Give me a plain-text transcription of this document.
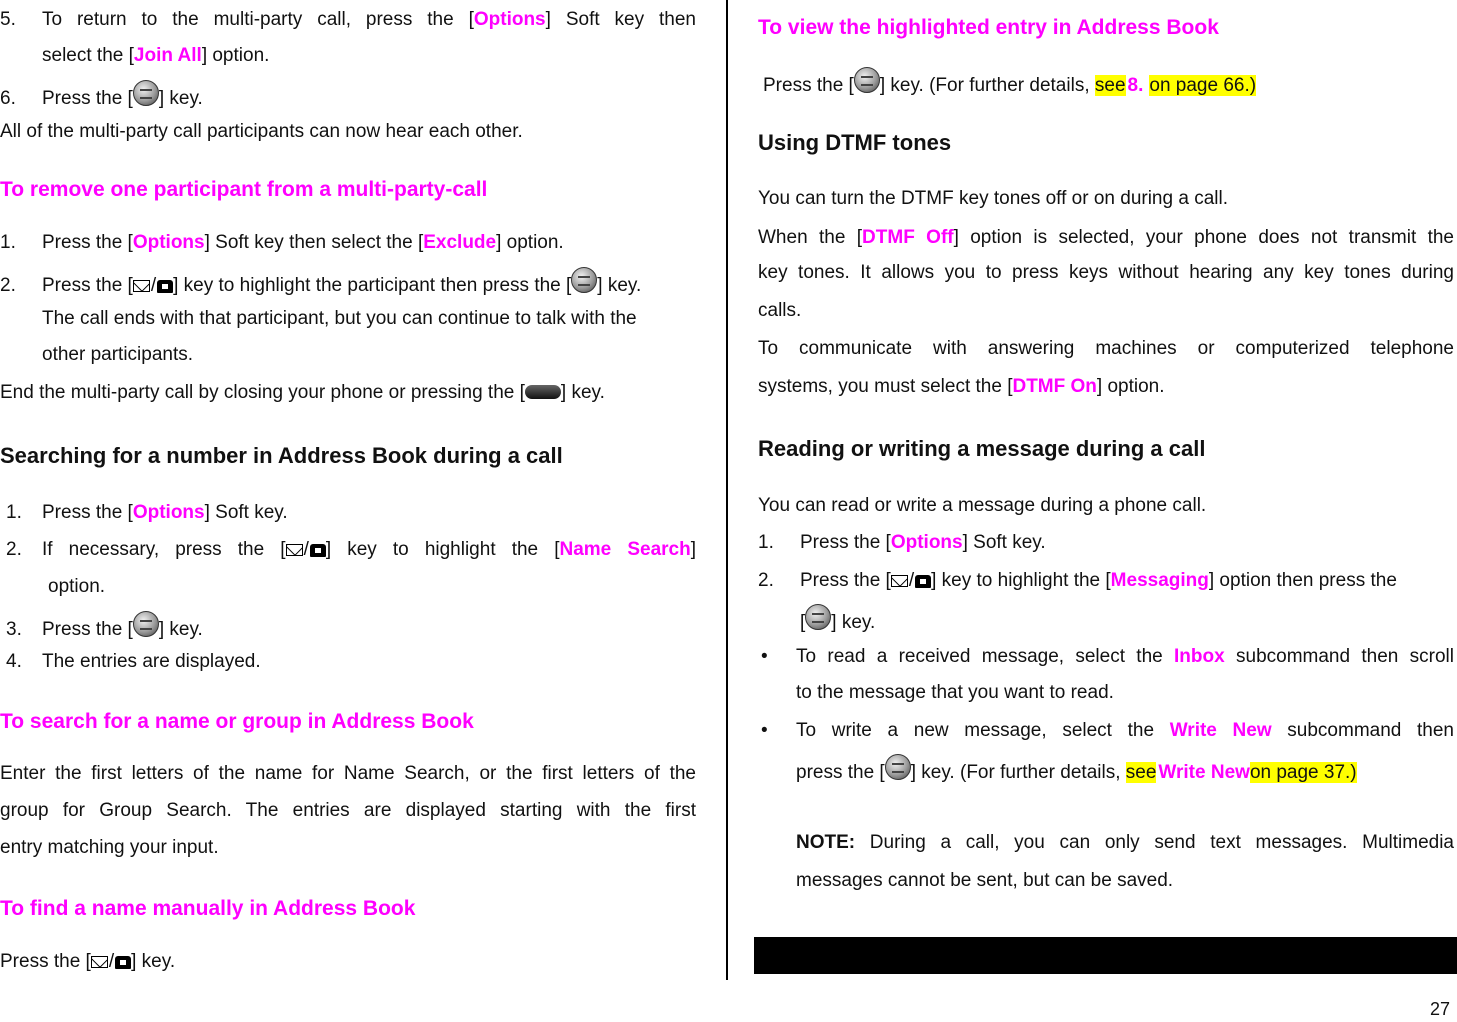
5. To return to the multi-party call, press the [Options] Soft key then
select the [Join All] option.
6. Press the [ ] key.
All of the multi-party call participants can now hear each other.
To remove one participant from a multi-party-call
1. Press the [Options] Soft key then select the [Exclude] option.
2. Press the [ / ] key to highlight the participant then press the [ ] key.
The call ends with that participant, but you can continue to talk with the
other participants.
End the multi-party call by closing your phone or pressing the [ ] key.
Searching for a number in Address Book during a call
1. Press the [Options] Soft key.
2. If necessary, press the [ / ] key to highlight the [Name Search]
option.
3. Press the [ ] key.
4. The entries are displayed.
To search for a name or group in Address Book
Enter the first letters of the name for Name Search, or the first letters of the
group for Group Search. The entries are displayed starting with the first
entry matching your input.
To find a name manually in Address Book
Press the [ / ] key.
To view the highlighted entry in Address Book
Press the [ ] key. (For further details, see 8. on page 66.)
Using DTMF tones
You can turn the DTMF key tones off or on during a call.
When the [DTMF Off] option is selected, your phone does not transmit the
key tones. It allows you to press keys without hearing any key tones during
calls.
To communicate with answering machines or computerized telephone
systems, you must select the [DTMF On] option.
Reading or writing a message during a call
You can read or write a message during a phone call.
1. Press the [Options] Soft key.
2. Press the [ / ] key to highlight the [Messaging] option then press the
[ ] key.
• To read a received message, select the Inbox subcommand then scroll
to the message that you want to read.
• To write a new message, select the Write New subcommand then
press the [ ] key. (For further details, see Write Newon page 37.)
NOTE: During a call, you can only send text messages. Multimedia
messages cannot be sent, but can be saved.
27
